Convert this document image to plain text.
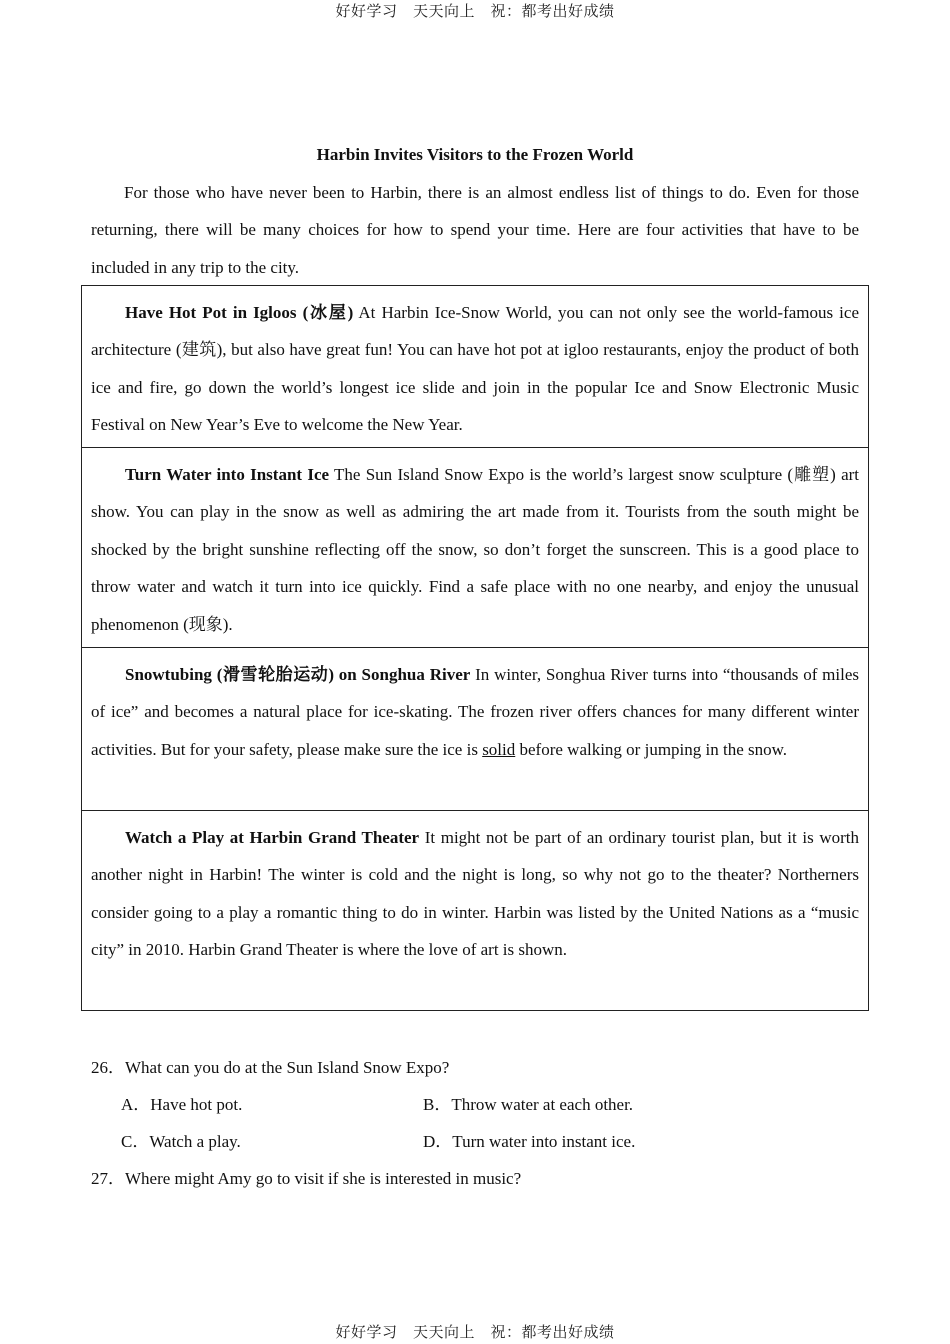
好好学习　天天向上　祝：都考出好成绩
Harbin Invites Visitors to the Frozen World

For those who have never been to Harbin, there is an almost endless list of things to do. Even for those returning, there will be many choices for how to spend your time. Here are four activities that have to be included in any trip to the city.

Have Hot Pot in Igloos (冰屋) At Harbin Ice-Snow World, you can not only see the world-famous ice architecture (建筑), but also have great fun! You can have hot pot at igloo restaurants, enjoy the product of both ice and fire, go down the world’s longest ice slide and join in the popular Ice and Snow Electronic Music Festival on New Year’s Eve to welcome the New Year.

Turn Water into Instant Ice The Sun Island Snow Expo is the world’s largest snow sculpture (雕塑) art show. You can play in the snow as well as admiring the art made from it. Tourists from the south might be shocked by the bright sunshine reflecting off the snow, so don’t forget the sunscreen. This is a good place to throw water and watch it turn into ice quickly. Find a safe place with no one nearby, and enjoy the unusual phenomenon (现象).

Snowtubing (滑雪轮胎运动) on Songhua River In winter, Songhua River turns into “thousands of miles of ice” and becomes a natural place for ice-skating. The frozen river offers chances for many different winter activities. But for your safety, please make sure the ice is solid before walking or jumping in the snow.

Watch a Play at Harbin Grand Theater It might not be part of an ordinary tourist plan, but it is worth another night in Harbin! The winter is cold and the night is long, so why not go to the theater? Northerners consider going to a play a romantic thing to do in winter. Harbin was listed by the United Nations as a “music city” in 2010. Harbin Grand Theater is where the love of art is shown.

26．What can you do at the Sun Island Snow Expo?

A．Have hot pot.	B．Throw water at each other.
C．Watch a play.	D．Turn water into instant ice.

27．Where might Amy go to visit if she is interested in music?

好好学习　天天向上　祝：都考出好成绩
